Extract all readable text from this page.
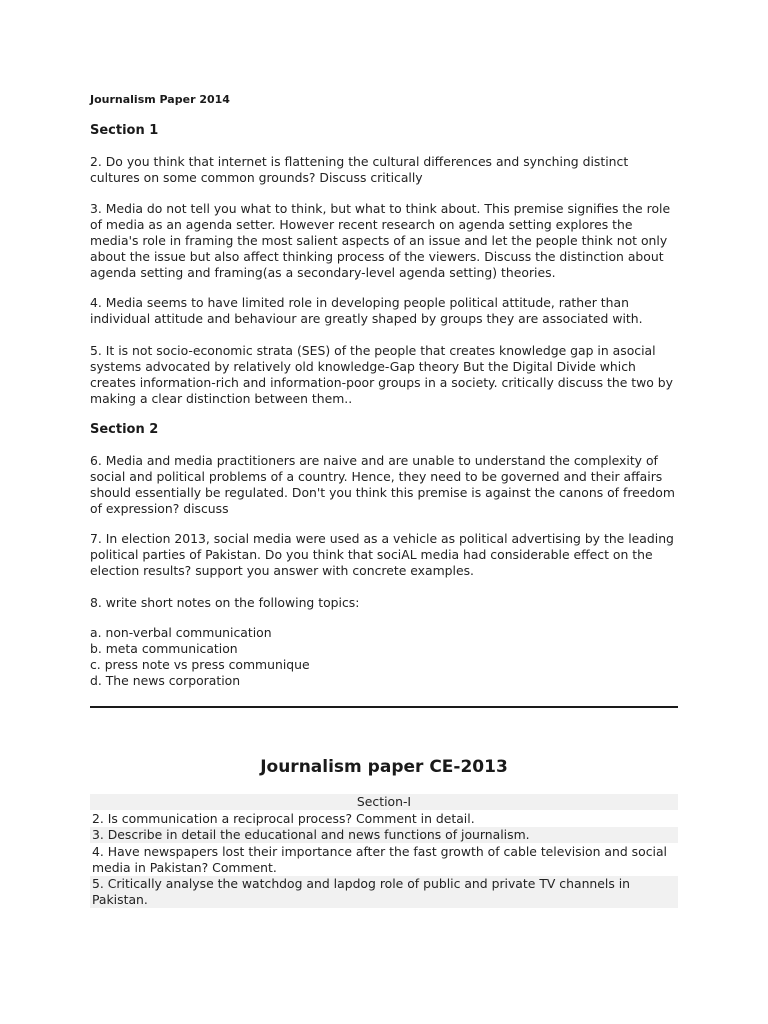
Journalism Paper 2014
Section 1

2. Do you think that internet is flattening the cultural differences and synching distinct cultures on some common grounds? Discuss critically

3. Media do not tell you what to think, but what to think about. This premise signifies the role of media as an agenda setter. However recent research on agenda setting explores the media's role in framing the most salient aspects of an issue and let the people think not only about the issue but also affect thinking process of the viewers. Discuss the distinction about agenda setting and framing(as a secondary-level agenda setting) theories.

4. Media seems to have limited role in developing people political attitude, rather than individual attitude and behaviour are greatly shaped by groups they are associated with.

5. It is not socio-economic strata (SES) of the people that creates knowledge gap in asocial systems advocated by relatively old knowledge-Gap theory But the Digital Divide which creates information-rich and information-poor groups in a society. critically discuss the two by making a clear distinction between them..

Section 2

6. Media and media practitioners are naive and are unable to understand the complexity of social and political problems of a country. Hence, they need to be governed and their affairs should essentially be regulated. Don't you think this premise is against the canons of freedom of expression? discuss

7. In election 2013, social media were used as a vehicle as political advertising by the leading political parties of Pakistan. Do you think that sociAL media had considerable effect on the election results? support you answer with concrete examples.

8. write short notes on the following topics:

a. non-verbal communication
b. meta communication
c. press note vs press communique
d. The news corporation
Journalism paper CE-2013
Section-I
2. Is communication a reciprocal process? Comment in detail.
3. Describe in detail the educational and news functions of journalism.
4. Have newspapers lost their importance after the fast growth of cable television and social media in Pakistan? Comment.
5. Critically analyse the watchdog and lapdog role of public and private TV channels in Pakistan.
